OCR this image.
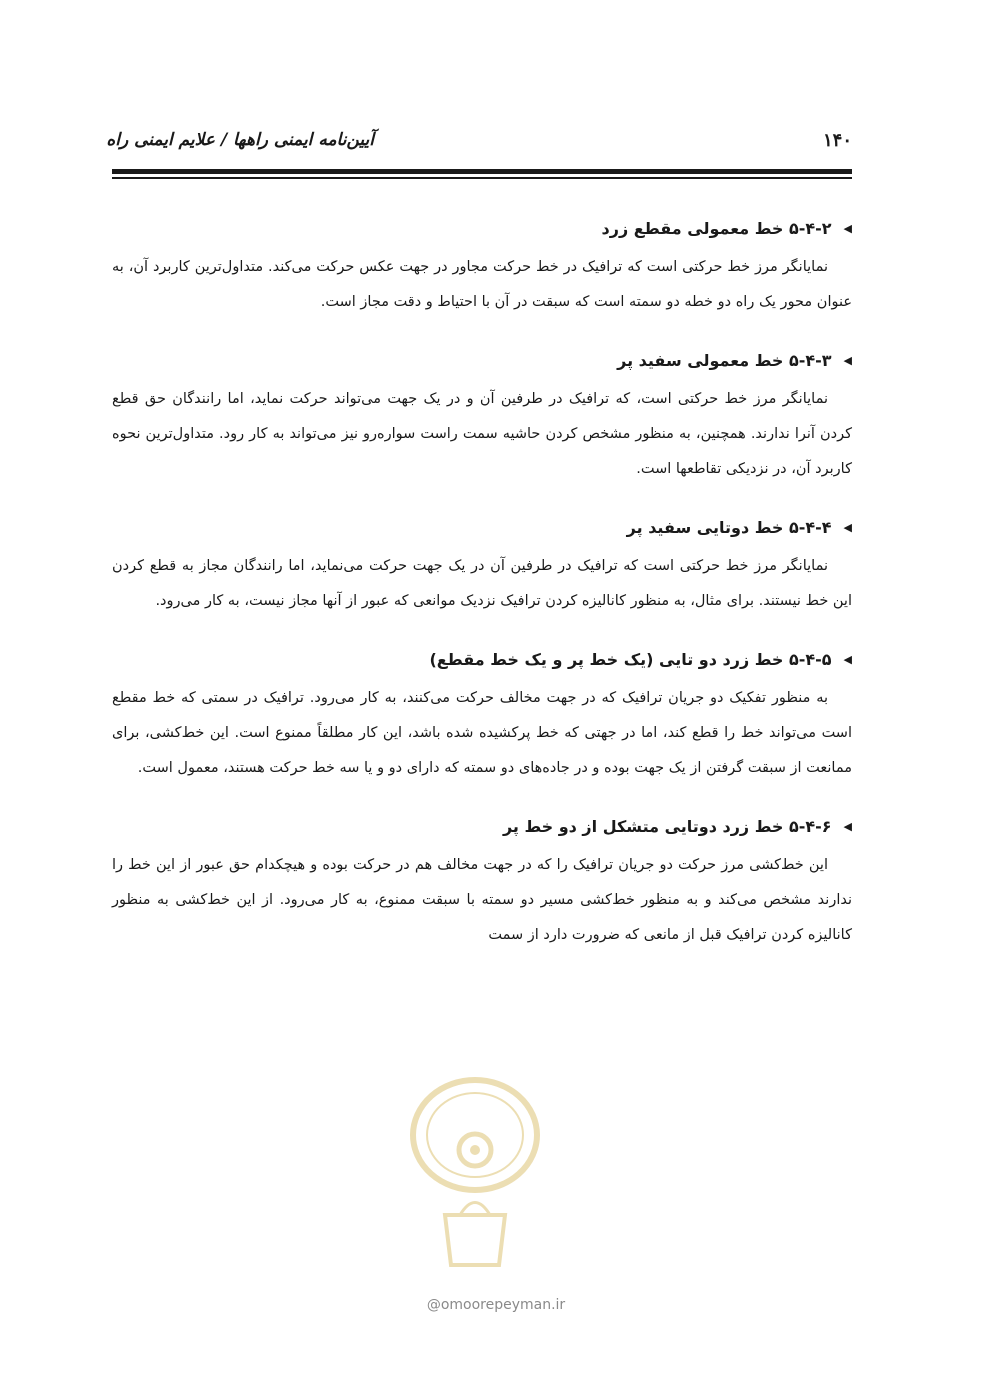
۱۴۰
آیین‌نامه ایمنی راهها / علایم ایمنی راه
◀
۵-۴-۲ خط معمولی مقطع زرد

نمایانگر مرز خط حرکتی است که ترافیک در خط حرکت مجاور در جهت عکس حرکت می‌کند. متداول‌ترین کاربرد آن، به عنوان محور یک راه دو خطه دو سمته است که سبقت در آن با احتیاط و دقت مجاز است.

◀
۵-۴-۳ خط معمولی سفید پر

نمایانگر مرز خط حرکتی است، که ترافیک در طرفین آن و در یک جهت می‌تواند حرکت نماید، اما رانندگان حق قطع کردن آنرا ندارند. همچنین، به منظور مشخص کردن حاشیه سمت راست سواره‌رو نیز می‌تواند به کار رود. متداول‌ترین نحوه کاربرد آن، در نزدیکی تقاطعها است.

◀
۵-۴-۴ خط دوتایی سفید پر

نمایانگر مرز خط حرکتی است که ترافیک در طرفین آن در یک جهت حرکت می‌نماید، اما رانندگان مجاز به قطع کردن این خط نیستند. برای مثال، به منظور کانالیزه کردن ترافیک نزدیک موانعی که عبور از آنها مجاز نیست، به کار می‌رود.

◀
۵-۴-۵ خط زرد دو تایی (یک خط پر و یک خط مقطع)

به منظور تفکیک دو جریان ترافیک که در جهت مخالف حرکت می‌کنند، به کار می‌رود. ترافیک در سمتی که خط مقطع است می‌تواند خط را قطع کند، اما در جهتی که خط پرکشیده شده باشد، این کار مطلقاً ممنوع است. این خط‌کشی، برای ممانعت از سبقت گرفتن از یک جهت بوده و در جاده‌های دو سمته که دارای دو و یا سه خط حرکت هستند، معمول است.

◀
۵-۴-۶ خط زرد دوتایی متشکل از دو خط پر

این خط‌کشی مرز حرکت دو جریان ترافیک را که در جهت مخالف هم در حرکت بوده و هیچکدام حق عبور از این خط را ندارند مشخص می‌کند و به منظور خط‌کشی مسیر دو سمته با سبقت ممنوع، به کار می‌رود. از این خط‌کشی به منظور کانالیزه کردن ترافیک قبل از مانعی که ضرورت دارد از سمت

@omoorepeyman.ir
